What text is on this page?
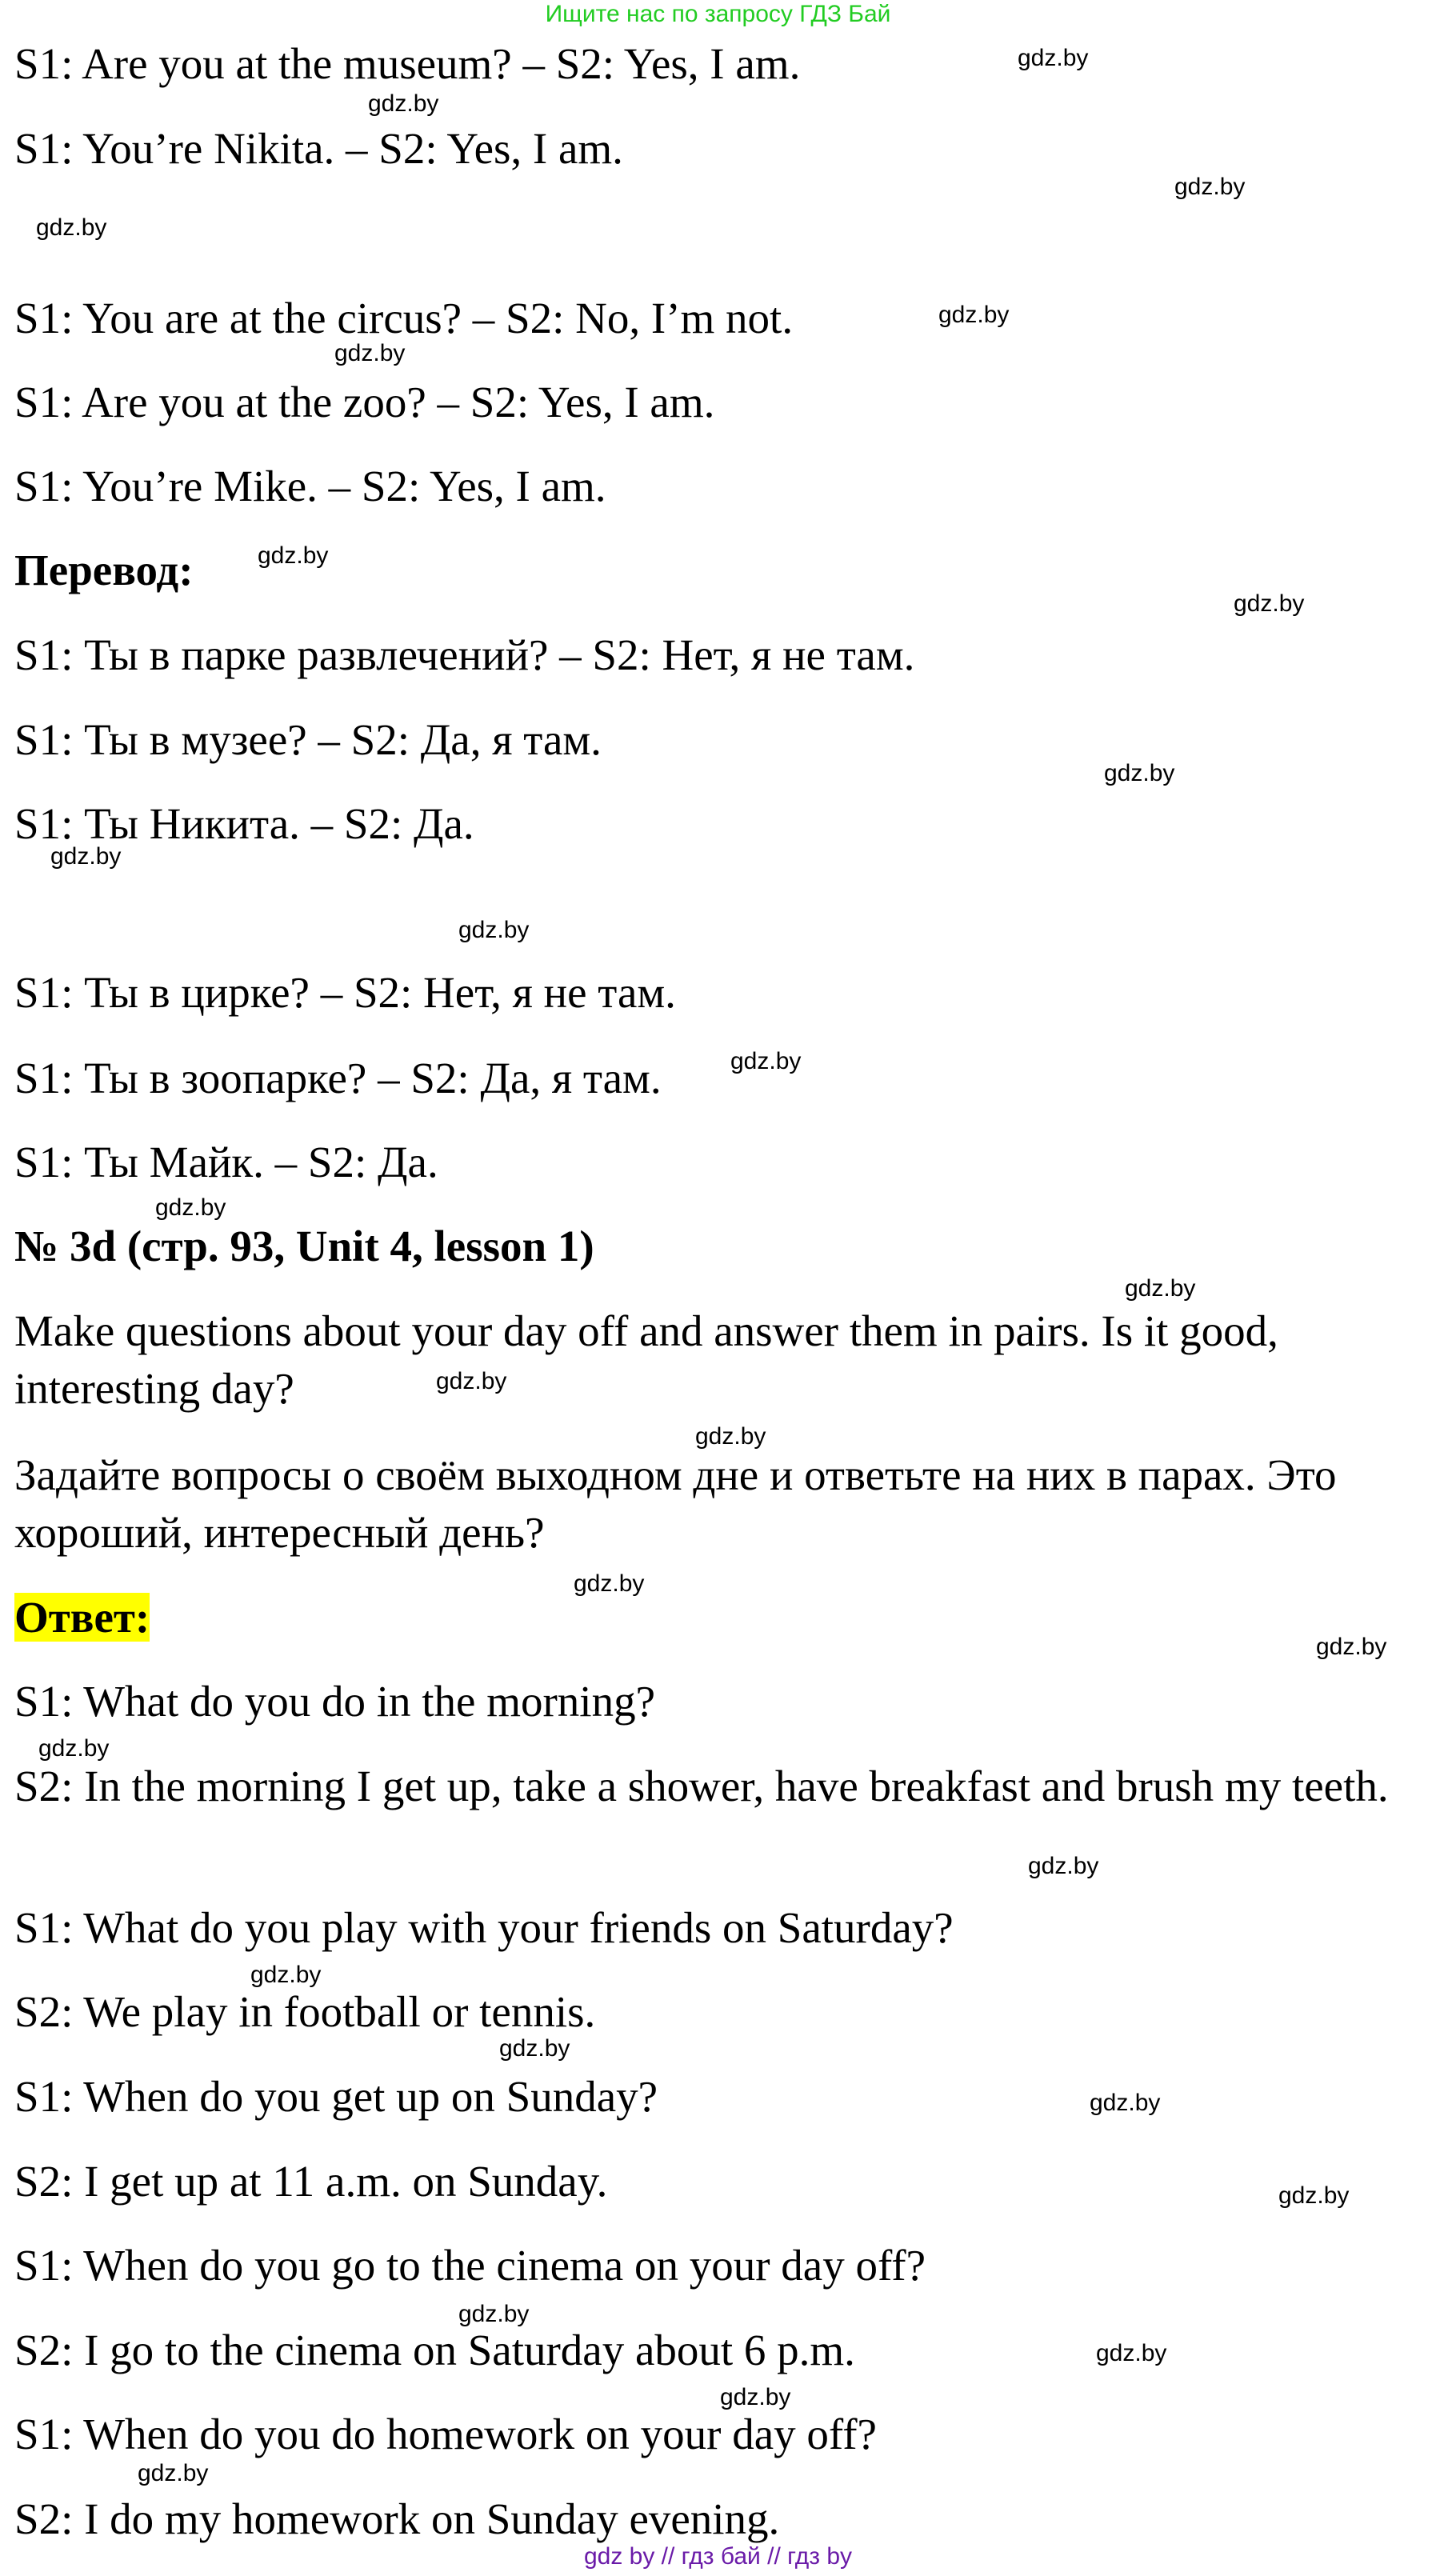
Ищите нас по запросу ГДЗ Бай
S1: Are you at the museum? – S2: Yes, I am.
S1: You’re Nikita. – S2: Yes, I am.
S1: You are at the circus? – S2: No, I’m not.
S1: Are you at the zoo? – S2: Yes, I am.
S1: You’re Mike. – S2: Yes, I am.
Перевод:
S1: Ты в парке развлечений? – S2: Нет, я не там.
S1: Ты в музее? – S2: Да, я там.
S1: Ты Никита. – S2: Да.
S1: Ты в цирке? – S2: Нет, я не там.
S1: Ты в зоопарке? – S2: Да, я там.
S1: Ты Майк. – S2: Да.
№ 3d (стр. 93, Unit 4, lesson 1)
Make questions about your day off and answer them in pairs. Is it good, interesting day?
Задайте вопросы о своём выходном дне и ответьте на них в парах. Это хороший, интересный день?
Ответ:
S1: What do you do in the morning?
S2: In the morning I get up, take a shower, have breakfast and brush my teeth.
S1: What do you play with your friends on Saturday?
S2: We play in football or tennis.
S1: When do you get up on Sunday?
S2: I get up at 11 a.m. on Sunday.
S1: When do you go to the cinema on your day off?
S2: I go to the cinema on Saturday about 6 p.m.
S1: When do you do homework on your day off?
S2: I do my homework on Sunday evening.
gdz.by
gdz.by
gdz.by
gdz.by
gdz.by
gdz.by
gdz.by
gdz.by
gdz.by
gdz.by
gdz.by
gdz.by
gdz.by
gdz.by
gdz.by
gdz.by
gdz.by
gdz.by
gdz.by
gdz.by
gdz.by
gdz.by
gdz.by
gdz.by
gdz.by
gdz.by
gdz.by
gdz.by
gdz by // гдз бай // гдз by
